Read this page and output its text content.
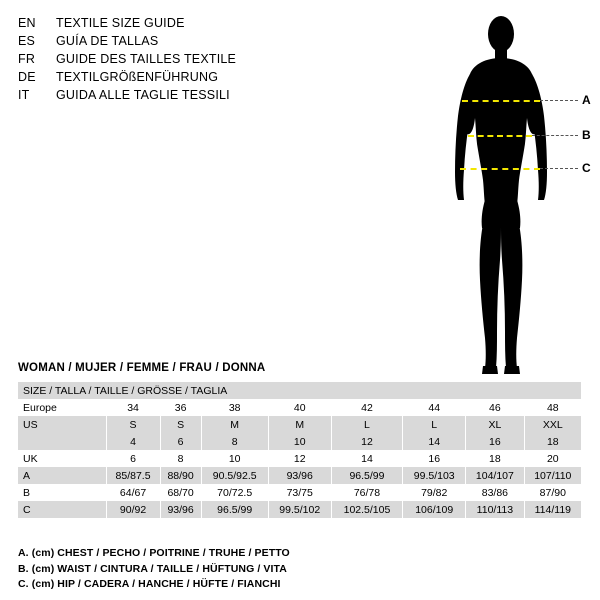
EN	TEXTILE SIZE GUIDE
ES	GUÍA DE TALLAS
FR	GUIDE DES TAILLES TEXTILE
DE	TEXTILGRÖßENFÜHRUNG
IT	GUIDA ALLE TAGLIE TESSILI	A
B
C
WOMAN / MUJER / FEMME / FRAU / DONNA
SIZE / TALLA / TAILLE / GRÖSSE / TAGLIA								
Europe	34	36	38	40	42	44	46	48
US	S	S	M	M	L	L	XL	XXL
	4	6	8	10	12	14	16	18
UK	6	8	10	12	14	16	18	20
A	85/87.5	88/90	90.5/92.5	93/96	96.5/99	99.5/103	104/107	107/110
B	64/67	68/70	70/72.5	73/75	76/78	79/82	83/86	87/90
C	90/92	93/96	96.5/99	99.5/102	102.5/105	106/109	110/113	114/119
A. (cm) CHEST / PECHO / POITRINE / TRUHE / PETTO
B. (cm) WAIST / CINTURA / TAILLE / HÜFTUNG / VITA
C. (cm) HIP / CADERA / HANCHE / HÜFTE / FIANCHI
